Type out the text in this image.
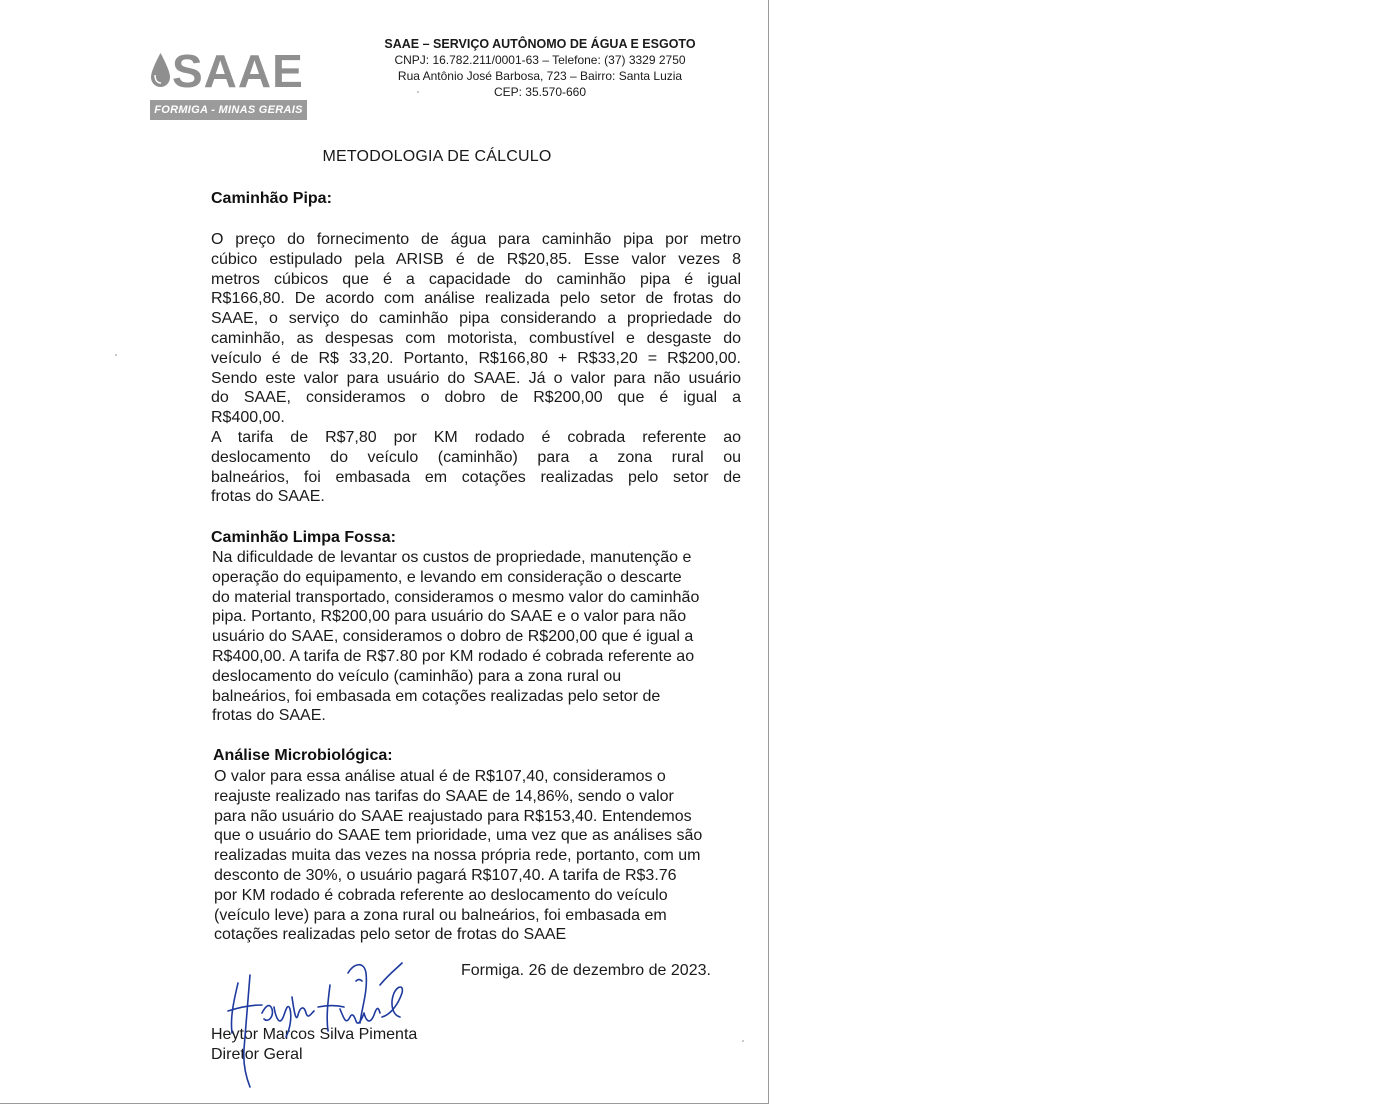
SAAE
FORMIGA - MINAS GERAIS
SAAE – SERVIÇO AUTÔNOMO DE ÁGUA E ESGOTO
CNPJ: 16.782.211/0001-63 – Telefone: (37) 3329 2750
Rua Antônio José Barbosa, 723 – Bairro: Santa Luzia
CEP: 35.570-660
METODOLOGIA DE CÁLCULO
Caminhão Pipa:
O preço do fornecimento de água para caminhão pipa por metro
cúbico estipulado pela ARISB é de R$20,85. Esse valor vezes 8
metros cúbicos que é a capacidade do caminhão pipa é igual
R$166,80. De acordo com análise realizada pelo setor de frotas do
SAAE, o serviço do caminhão pipa considerando a propriedade do
caminhão, as despesas com motorista, combustível e desgaste do
veículo é de R$ 33,20. Portanto, R$166,80 + R$33,20 = R$200,00.
Sendo este valor para usuário do SAAE. Já o valor para não usuário
do SAAE, consideramos o dobro de R$200,00 que é igual a
R$400,00.
A tarifa de R$7,80 por KM rodado é cobrada referente ao
deslocamento do veículo (caminhão) para a zona rural ou
balneários, foi embasada em cotações realizadas pelo setor de
frotas do SAAE.
Caminhão Limpa Fossa:
Na dificuldade de levantar os custos de propriedade, manutenção e
operação do equipamento, e levando em consideração o descarte
do material transportado, consideramos o mesmo valor do caminhão
pipa. Portanto, R$200,00 para usuário do SAAE e o valor para não
usuário do SAAE, consideramos o dobro de R$200,00 que é igual a
R$400,00. A tarifa de R$7.80 por KM rodado é cobrada referente ao
deslocamento do veículo (caminhão) para a zona rural ou
balneários, foi embasada em cotações realizadas pelo setor de
frotas do SAAE.
Análise Microbiológica:
O valor para essa análise atual é de R$107,40, consideramos o
reajuste realizado nas tarifas do SAAE de 14,86%, sendo o valor
para não usuário do SAAE reajustado para R$153,40. Entendemos
que o usuário do SAAE tem prioridade, uma vez que as análises são
realizadas muita das vezes na nossa própria rede, portanto, com um
desconto de 30%, o usuário pagará R$107,40. A tarifa de R$3.76
por KM rodado é cobrada referente ao deslocamento do veículo
(veículo leve) para a zona rural ou balneários, foi embasada em
cotações realizadas pelo setor de frotas do SAAE
Formiga. 26 de dezembro de 2023.
Heytor Marcos Silva Pimenta
Diretor Geral
